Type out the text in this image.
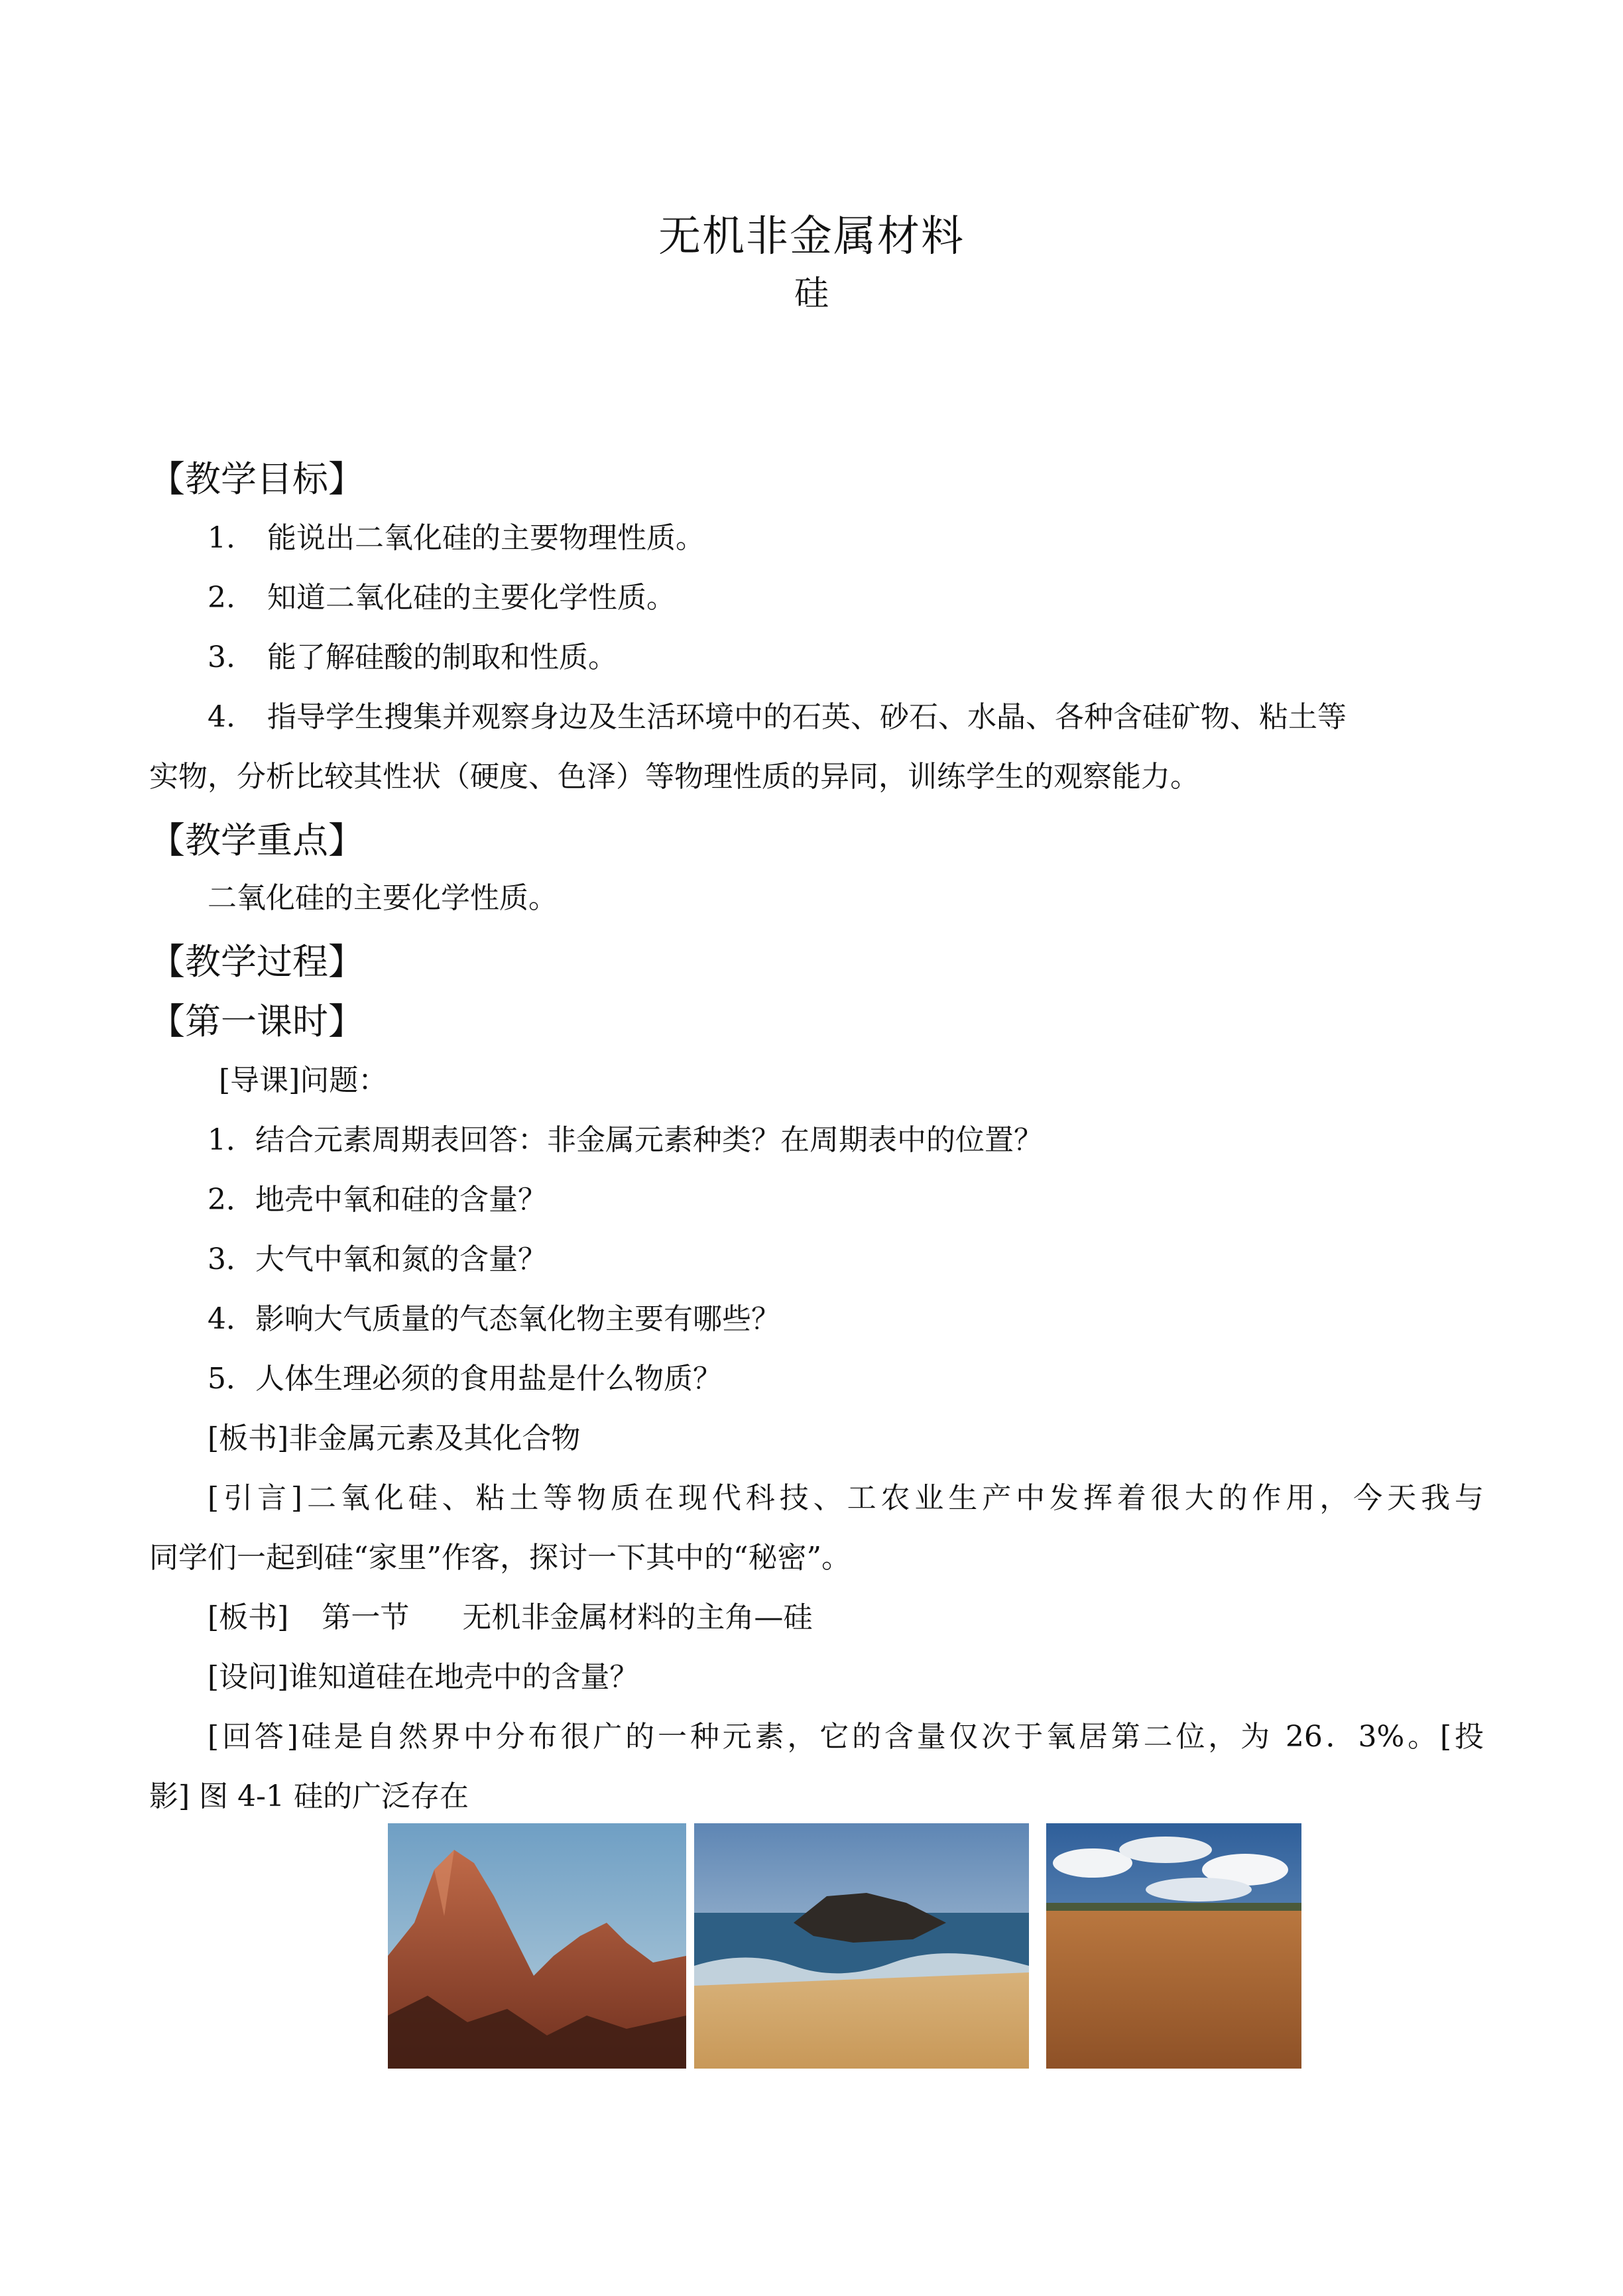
无机非金属材料
硅
【教学目标】
1. 能说出二氧化硅的主要物理性质。
2. 知道二氧化硅的主要化学性质。
3. 能了解硅酸的制取和性质。
4. 指导学生搜集并观察身边及生活环境中的石英、砂石、水晶、各种含硅矿物、粘土等
实物，分析比较其性状（硬度、色泽）等物理性质的异同，训练学生的观察能力。
【教学重点】
二氧化硅的主要化学性质。
【教学过程】
【第一课时】
[导课]问题：
1．结合元素周期表回答：非金属元素种类？在周期表中的位置？
2．地壳中氧和硅的含量？
3．大气中氧和氮的含量？
4．影响大气质量的气态氧化物主要有哪些？
5．人体生理必须的食用盐是什么物质？
[板书]非金属元素及其化合物
[引言]二氧化硅、粘土等物质在现代科技、工农业生产中发挥着很大的作用，今天我与
同学们一起到硅“家里”作客，探讨一下其中的“秘密”。
[板书] 第一节 无机非金属材料的主角—硅
[设问]谁知道硅在地壳中的含量？
[回答]硅是自然界中分布很广的一种元素，它的含量仅次于氧居第二位，为 26．3%。[投
影] 图 4-1 硅的广泛存在
